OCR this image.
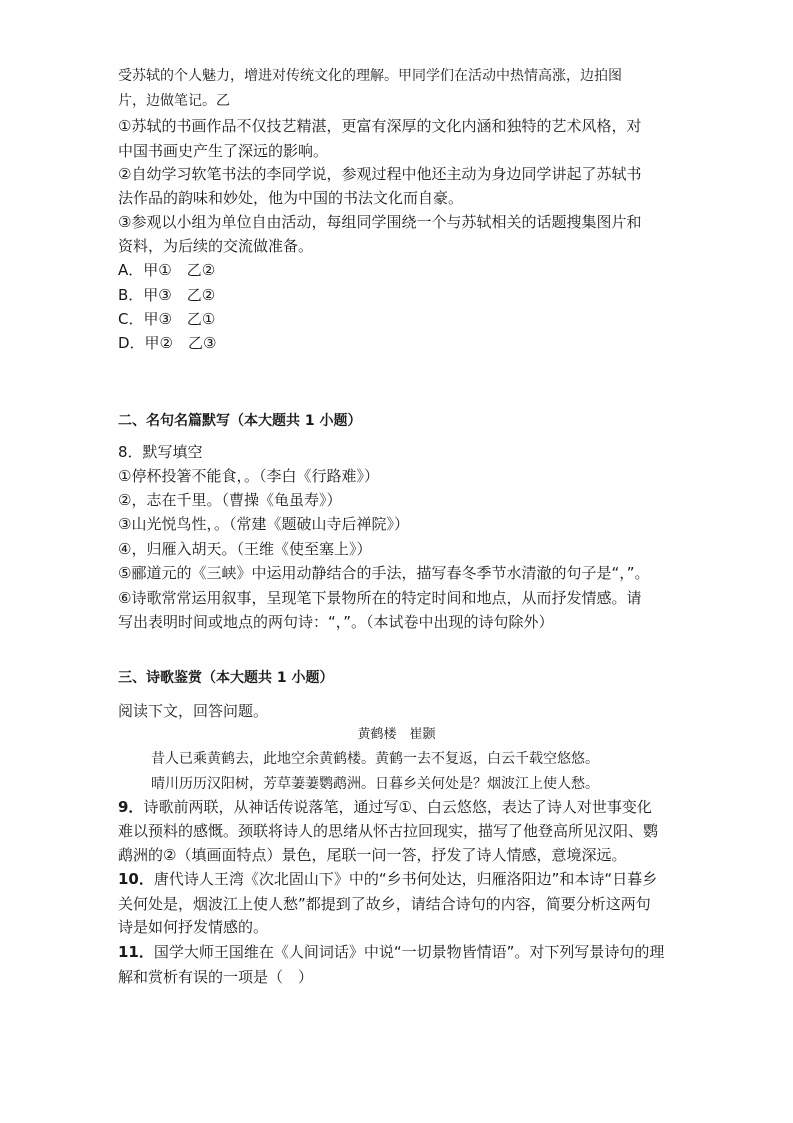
受苏轼的个人魅力，增进对传统文化的理解。甲同学们在活动中热情高涨，边拍图
片，边做笔记。乙
①苏轼的书画作品不仅技艺精湛，更富有深厚的文化内涵和独特的艺术风格，对
中国书画史产生了深远的影响。
②自幼学习软笔书法的李同学说，参观过程中他还主动为身边同学讲起了苏轼书
法作品的韵味和妙处，他为中国的书法文化而自豪。
③参观以小组为单位自由活动，每组同学围绕一个与苏轼相关的话题搜集图片和
资料，为后续的交流做准备。
A．甲①　乙②
B．甲③　乙②
C．甲③　乙①
D．甲②　乙③
二、名句名篇默写（本大题共 1 小题）
8．默写填空
①停杯投箸不能食，。（李白《行路难》）
②，志在千里。（曹操《龟虽寿》）
③山光悦鸟性，。（常建《题破山寺后禅院》）
④，归雁入胡天。（王维《使至塞上》）
⑤郦道元的《三峡》中运用动静结合的手法，描写春冬季节水清澈的句子是“，”。
⑥诗歌常常运用叙事，呈现笔下景物所在的特定时间和地点，从而抒发情感。请
写出表明时间或地点的两句诗：“，”。（本试卷中出现的诗句除外）
三、诗歌鉴赏（本大题共 1 小题）
阅读下文，回答问题。
黄鹤楼　崔颢
昔人已乘黄鹤去，此地空余黄鹤楼。黄鹤一去不复返，白云千载空悠悠。
晴川历历汉阳树，芳草萋萋鹦鹉洲。日暮乡关何处是？烟波江上使人愁。
9．诗歌前两联，从神话传说落笔，通过写①、白云悠悠，表达了诗人对世事变化
难以预料的感慨。颈联将诗人的思绪从怀古拉回现实，描写了他登高所见汉阳、鹦
鹉洲的②（填画面特点）景色，尾联一问一答，抒发了诗人情感，意境深远。
10．唐代诗人王湾《次北固山下》中的“乡书何处达，归雁洛阳边”和本诗“日暮乡
关何处是，烟波江上使人愁”都提到了故乡，请结合诗句的内容，简要分析这两句
诗是如何抒发情感的。
11．国学大师王国维在《人间词话》中说“一切景物皆情语”。对下列写景诗句的理
解和赏析有误的一项是（　）
